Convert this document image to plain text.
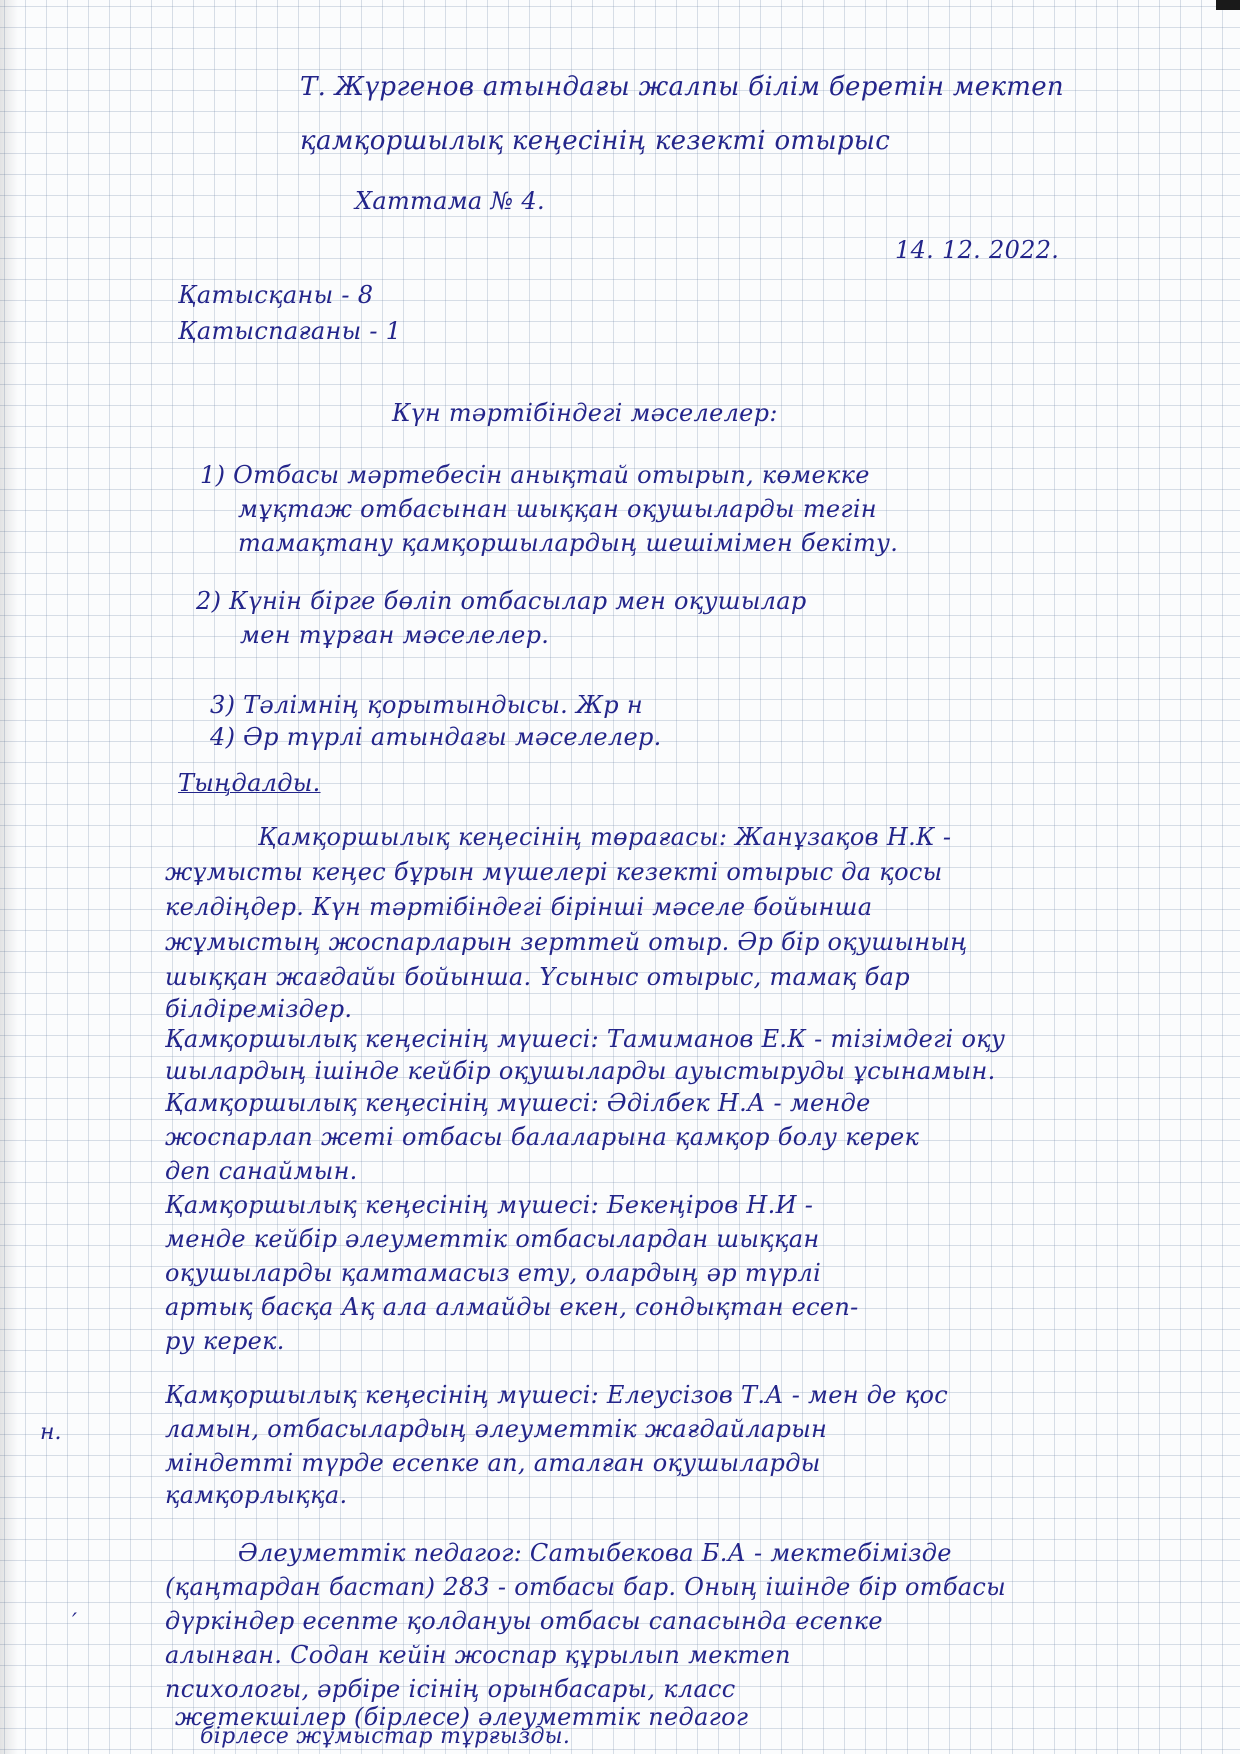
Т. Жүргенов атындағы жалпы білім беретін мектеп
қамқоршылық кеңесінің кезекті отырыс
Хаттама № 4.
14. 12. 2022.
Қатысқаны - 8
Қатыспағаны - 1
Күн тәртібіндегі мәселелер:
1) Отбасы мәртебесін анықтай отырып, көмекке
мұқтаж отбасынан шыққан оқушыларды тегін
тамақтану қамқоршылардың шешімімен бекіту.
2) Күнін бірге бөліп отбасылар мен оқушылар
мен тұрған мәселелер.
3) Тәлімнің қорытындысы. Жр н
4) Әр түрлі атындағы мәселелер.
Тыңдалды.
Қамқоршылық кеңесінің төрағасы: Жанұзақов Н.К -
жұмысты кеңес бұрын мүшелері кезекті отырыс да қосы
келдіңдер. Күн тәртібіндегі бірінші мәселе бойынша
жұмыстың жоспарларын зерттей отыр. Әр бір оқушының
шыққан жағдайы бойынша. Үсыныс отырыс, тамақ бар
білдіреміздер.
Қамқоршылық кеңесінің мүшесі: Тамиманов Е.К - тізімдегі оқу
шылардың ішінде кейбір оқушыларды ауыстыруды ұсынамын.
Қамқоршылық кеңесінің мүшесі: Әділбек Н.А - менде
жоспарлап жеті отбасы балаларына қамқор болу керек
деп санаймын.
Қамқоршылық кеңесінің мүшесі: Бекеңіров Н.И -
менде кейбір әлеуметтік отбасылардан шыққан
оқушыларды қамтамасыз ету, олардың әр түрлі
артық басқа Ақ ала алмайды екен, сондықтан есеп-
ру керек.
Қамқоршылық кеңесінің мүшесі: Елеусізов Т.А - мен де қос
ламын, отбасылардың әлеуметтік жағдайларын
міндетті түрде есепке ап, аталған оқушыларды
қамқорлыққа.
Әлеуметтік педагог: Сатыбекова Б.А - мектебімізде
(қаңтардан бастап) 283 - отбасы бар. Оның ішінде бір отбасы
дүркіндер есепте қолдануы отбасы сапасында есепке
алынған. Содан кейін жоспар құрылып мектеп
психологы, әрбіре ісінің орынбасары, класс
жетекшілер (бірлесе) әлеуметтік педагог
бірлесе жұмыстар тұрғызды.
н.
′
